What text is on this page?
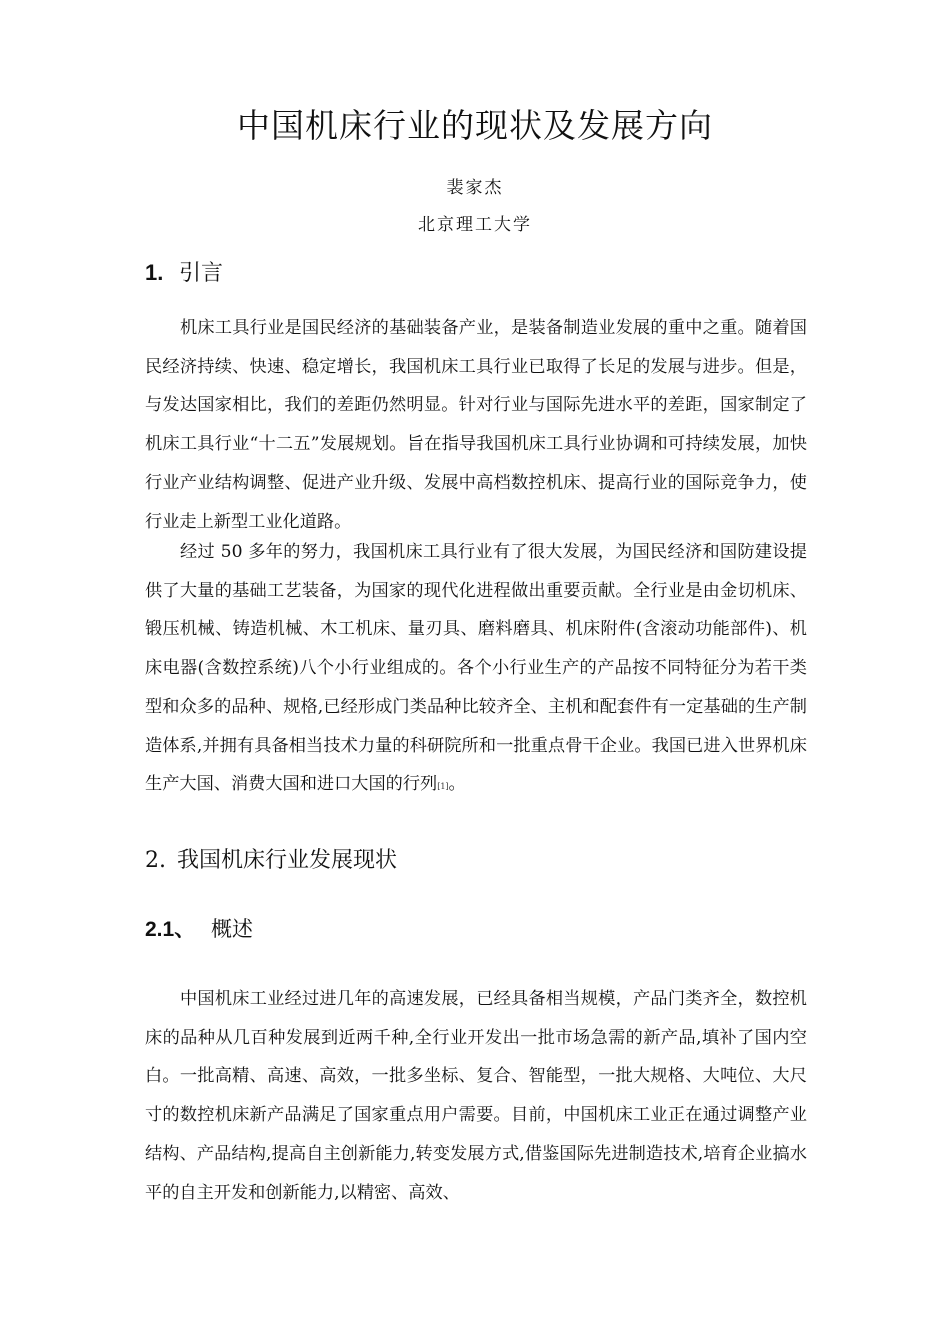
中国机床行业的现状及发展方向

裴家杰

北京理工大学

1. 引言

机床工具行业是国民经济的基础装备产业，是装备制造业发展的重中之重。随着国民经济持续、快速、稳定增长，我国机床工具行业已取得了长足的发展与进步。但是，与发达国家相比，我们的差距仍然明显。针对行业与国际先进水平的差距，国家制定了机床工具行业“十二五”发展规划。旨在指导我国机床工具行业协调和可持续发展，加快行业产业结构调整、促进产业升级、发展中高档数控机床、提高行业的国际竞争力，使行业走上新型工业化道路。

经过 50 多年的努力，我国机床工具行业有了很大发展，为国民经济和国防建设提供了大量的基础工艺装备，为国家的现代化进程做出重要贡献。全行业是由金切机床、锻压机械、铸造机械、木工机床、量刃具、磨料磨具、机床附件(含滚动功能部件)、机床电器(含数控系统)八个小行业组成的。各个小行业生产的产品按不同特征分为若干类型和众多的品种、规格,已经形成门类品种比较齐全、主机和配套件有一定基础的生产制造体系,并拥有具备相当技术力量的科研院所和一批重点骨干企业。我国已进入世界机床生产大国、消费大国和进口大国的行列[1]。

2. 我国机床行业发展现状
2.1、 概述

中国机床工业经过进几年的高速发展，已经具备相当规模，产品门类齐全，数控机床的品种从几百种发展到近两千种,全行业开发出一批市场急需的新产品,填补了国内空白。一批高精、高速、高效，一批多坐标、复合、智能型，一批大规格、大吨位、大尺寸的数控机床新产品满足了国家重点用户需要。目前，中国机床工业正在通过调整产业结构、产品结构,提高自主创新能力,转变发展方式,借鉴国际先进制造技术,培育企业搞水平的自主开发和创新能力,以精密、高效、
